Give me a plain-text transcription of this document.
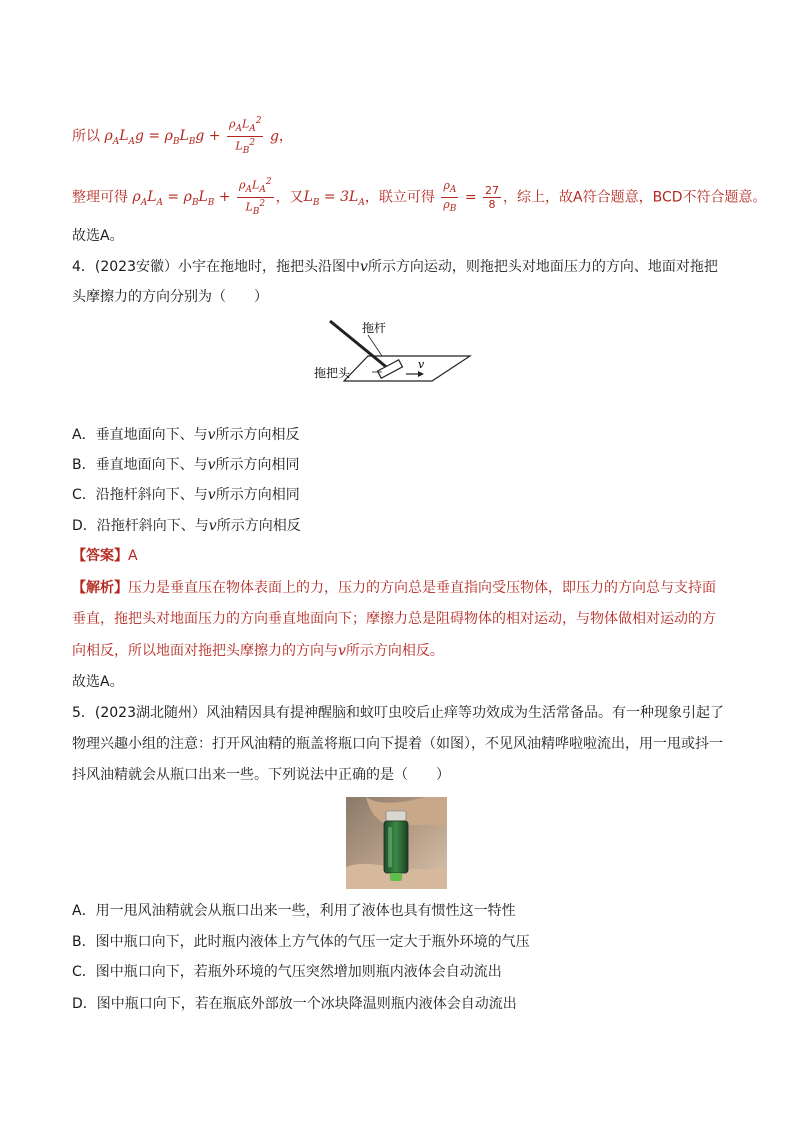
所以 $\rho_AL_Ag = \rho_BL_Bg + \frac{\rho_AL_A^2}{L_B^2}$ g，
整理可得 $\rho_AL_A = \rho_BL_B + \frac{\rho_AL_A^2}{L_B^2}$ ，又$L_B = 3L_A$，联立可得 $\frac{\rho_A}{\rho_B} = \frac{27}{8}$ ，综上，故A符合题意，BCD不符合题意。
故选A。
4．(2023安徽）小宇在拖地时，拖把头沿图中v所示方向运动，则拖把头对地面压力的方向、地面对拖把
头摩擦力的方向分别为（　　）
拖杆
拖把头
v
A．垂直地面向下、与v所示方向相反
B．垂直地面向下、与v所示方向相同
C．沿拖杆斜向下、与v所示方向相同
D．沿拖杆斜向下、与v所示方向相反
【答案】A
【解析】压力是垂直压在物体表面上的力，压力的方向总是垂直指向受压物体，即压力的方向总与支持面
垂直，拖把头对地面压力的方向垂直地面向下；摩擦力总是阻碍物体的相对运动，与物体做相对运动的方
向相反，所以地面对拖把头摩擦力的方向与v所示方向相反。
故选A。
5．(2023湖北随州）风油精因具有提神醒脑和蚊叮虫咬后止痒等功效成为生活常备品。有一种现象引起了
物理兴趣小组的注意：打开风油精的瓶盖将瓶口向下提着（如图），不见风油精哗啦啦流出，用一甩或抖一
抖风油精就会从瓶口出来一些。下列说法中正确的是（　　）
A．用一甩风油精就会从瓶口出来一些，利用了液体也具有惯性这一特性
B．图中瓶口向下，此时瓶内液体上方气体的气压一定大于瓶外环境的气压
C．图中瓶口向下，若瓶外环境的气压突然增加则瓶内液体会自动流出
D．图中瓶口向下，若在瓶底外部放一个冰块降温则瓶内液体会自动流出
